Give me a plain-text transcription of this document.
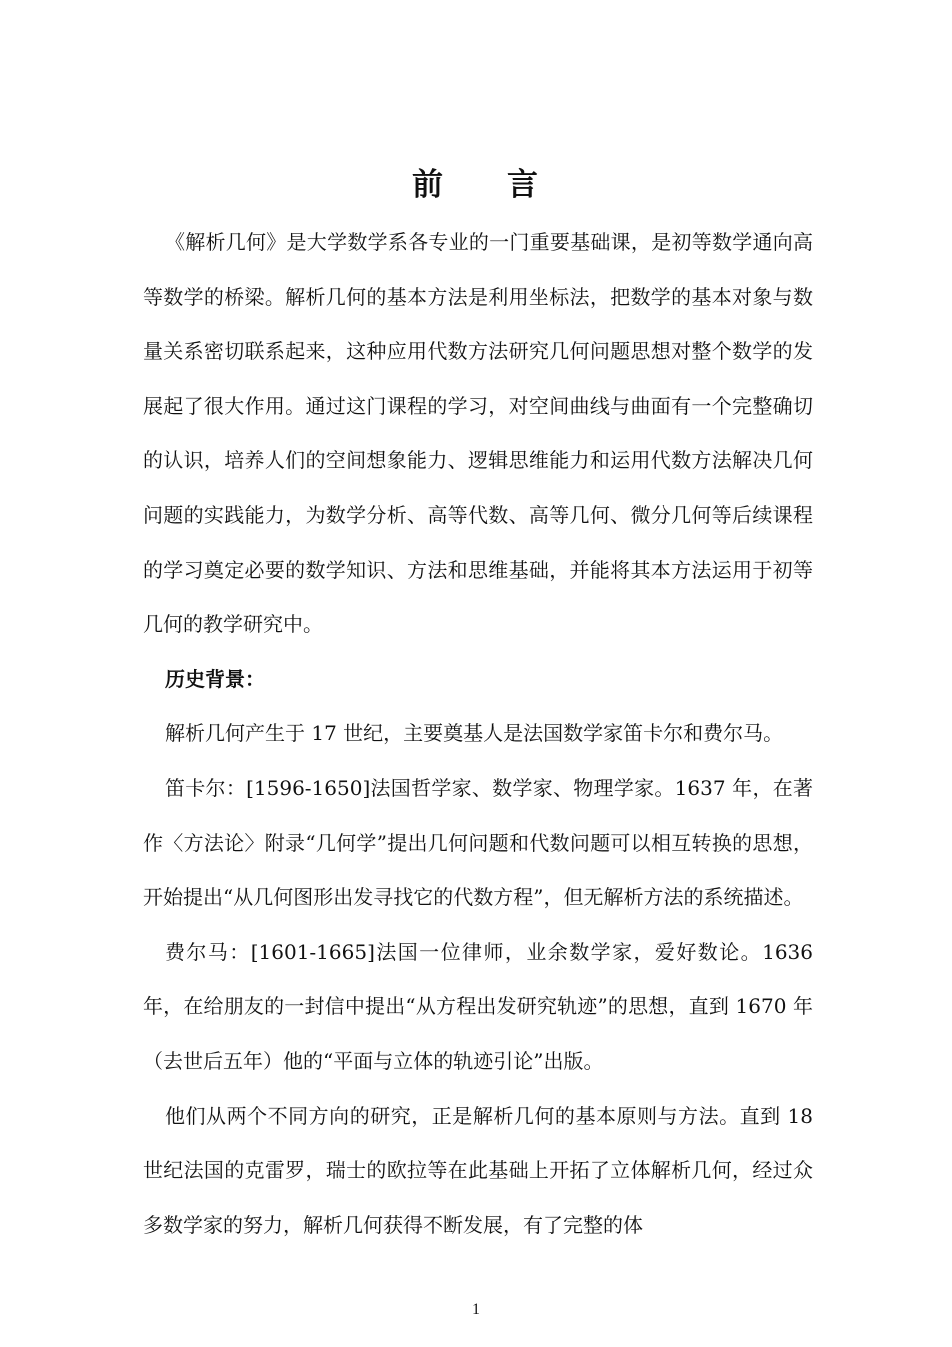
前 言

《解析几何》是大学数学系各专业的一门重要基础课，是初等数学通向高等数学的桥梁。解析几何的基本方法是利用坐标法，把数学的基本对象与数量关系密切联系起来，这种应用代数方法研究几何问题思想对整个数学的发展起了很大作用。通过这门课程的学习，对空间曲线与曲面有一个完整确切的认识，培养人们的空间想象能力、逻辑思维能力和运用代数方法解决几何问题的实践能力，为数学分析、高等代数、高等几何、微分几何等后续课程的学习奠定必要的数学知识、方法和思维基础，并能将其本方法运用于初等几何的教学研究中。

历史背景：

解析几何产生于 17 世纪，主要奠基人是法国数学家笛卡尔和费尔马。

笛卡尔：[1596-1650]法国哲学家、数学家、物理学家。1637 年，在著作〈方法论〉附录“几何学”提出几何问题和代数问题可以相互转换的思想，开始提出“从几何图形出发寻找它的代数方程”，但无解析方法的系统描述。

费尔马：[1601-1665]法国一位律师，业余数学家，爱好数论。1636 年，在给朋友的一封信中提出“从方程出发研究轨迹”的思想，直到 1670 年（去世后五年）他的“平面与立体的轨迹引论”出版。

他们从两个不同方向的研究，正是解析几何的基本原则与方法。直到 18 世纪法国的克雷罗，瑞士的欧拉等在此基础上开拓了立体解析几何，经过众多数学家的努力，解析几何获得不断发展，有了完整的体

1
